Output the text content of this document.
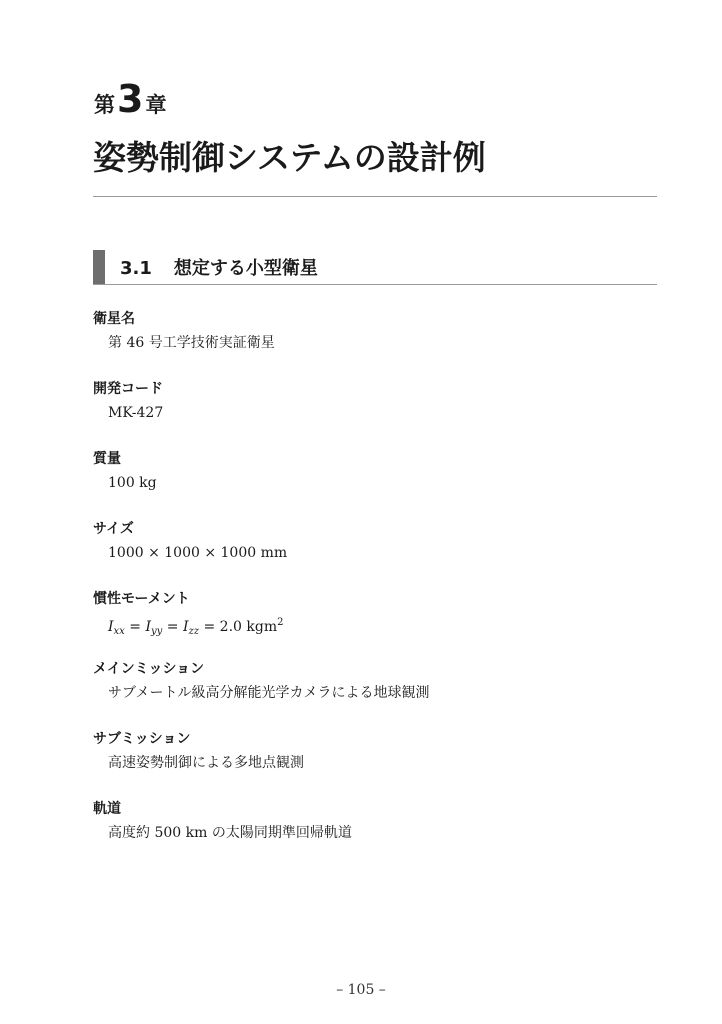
第3章
姿勢制御システムの設計例
3.1 想定する小型衛星
衛星名
第 46 号工学技術実証衛星
開発コード
MK-427
質量
100 kg
サイズ
1000 × 1000 × 1000 mm
慣性モーメント
$I_{xx} = I_{yy} = I_{zz} = 2.0$ kgm$^2$
メインミッション
サブメートル級高分解能光学カメラによる地球観測
サブミッション
高速姿勢制御による多地点観測
軌道
高度約 500 km の太陽同期準回帰軌道
– 105 –
